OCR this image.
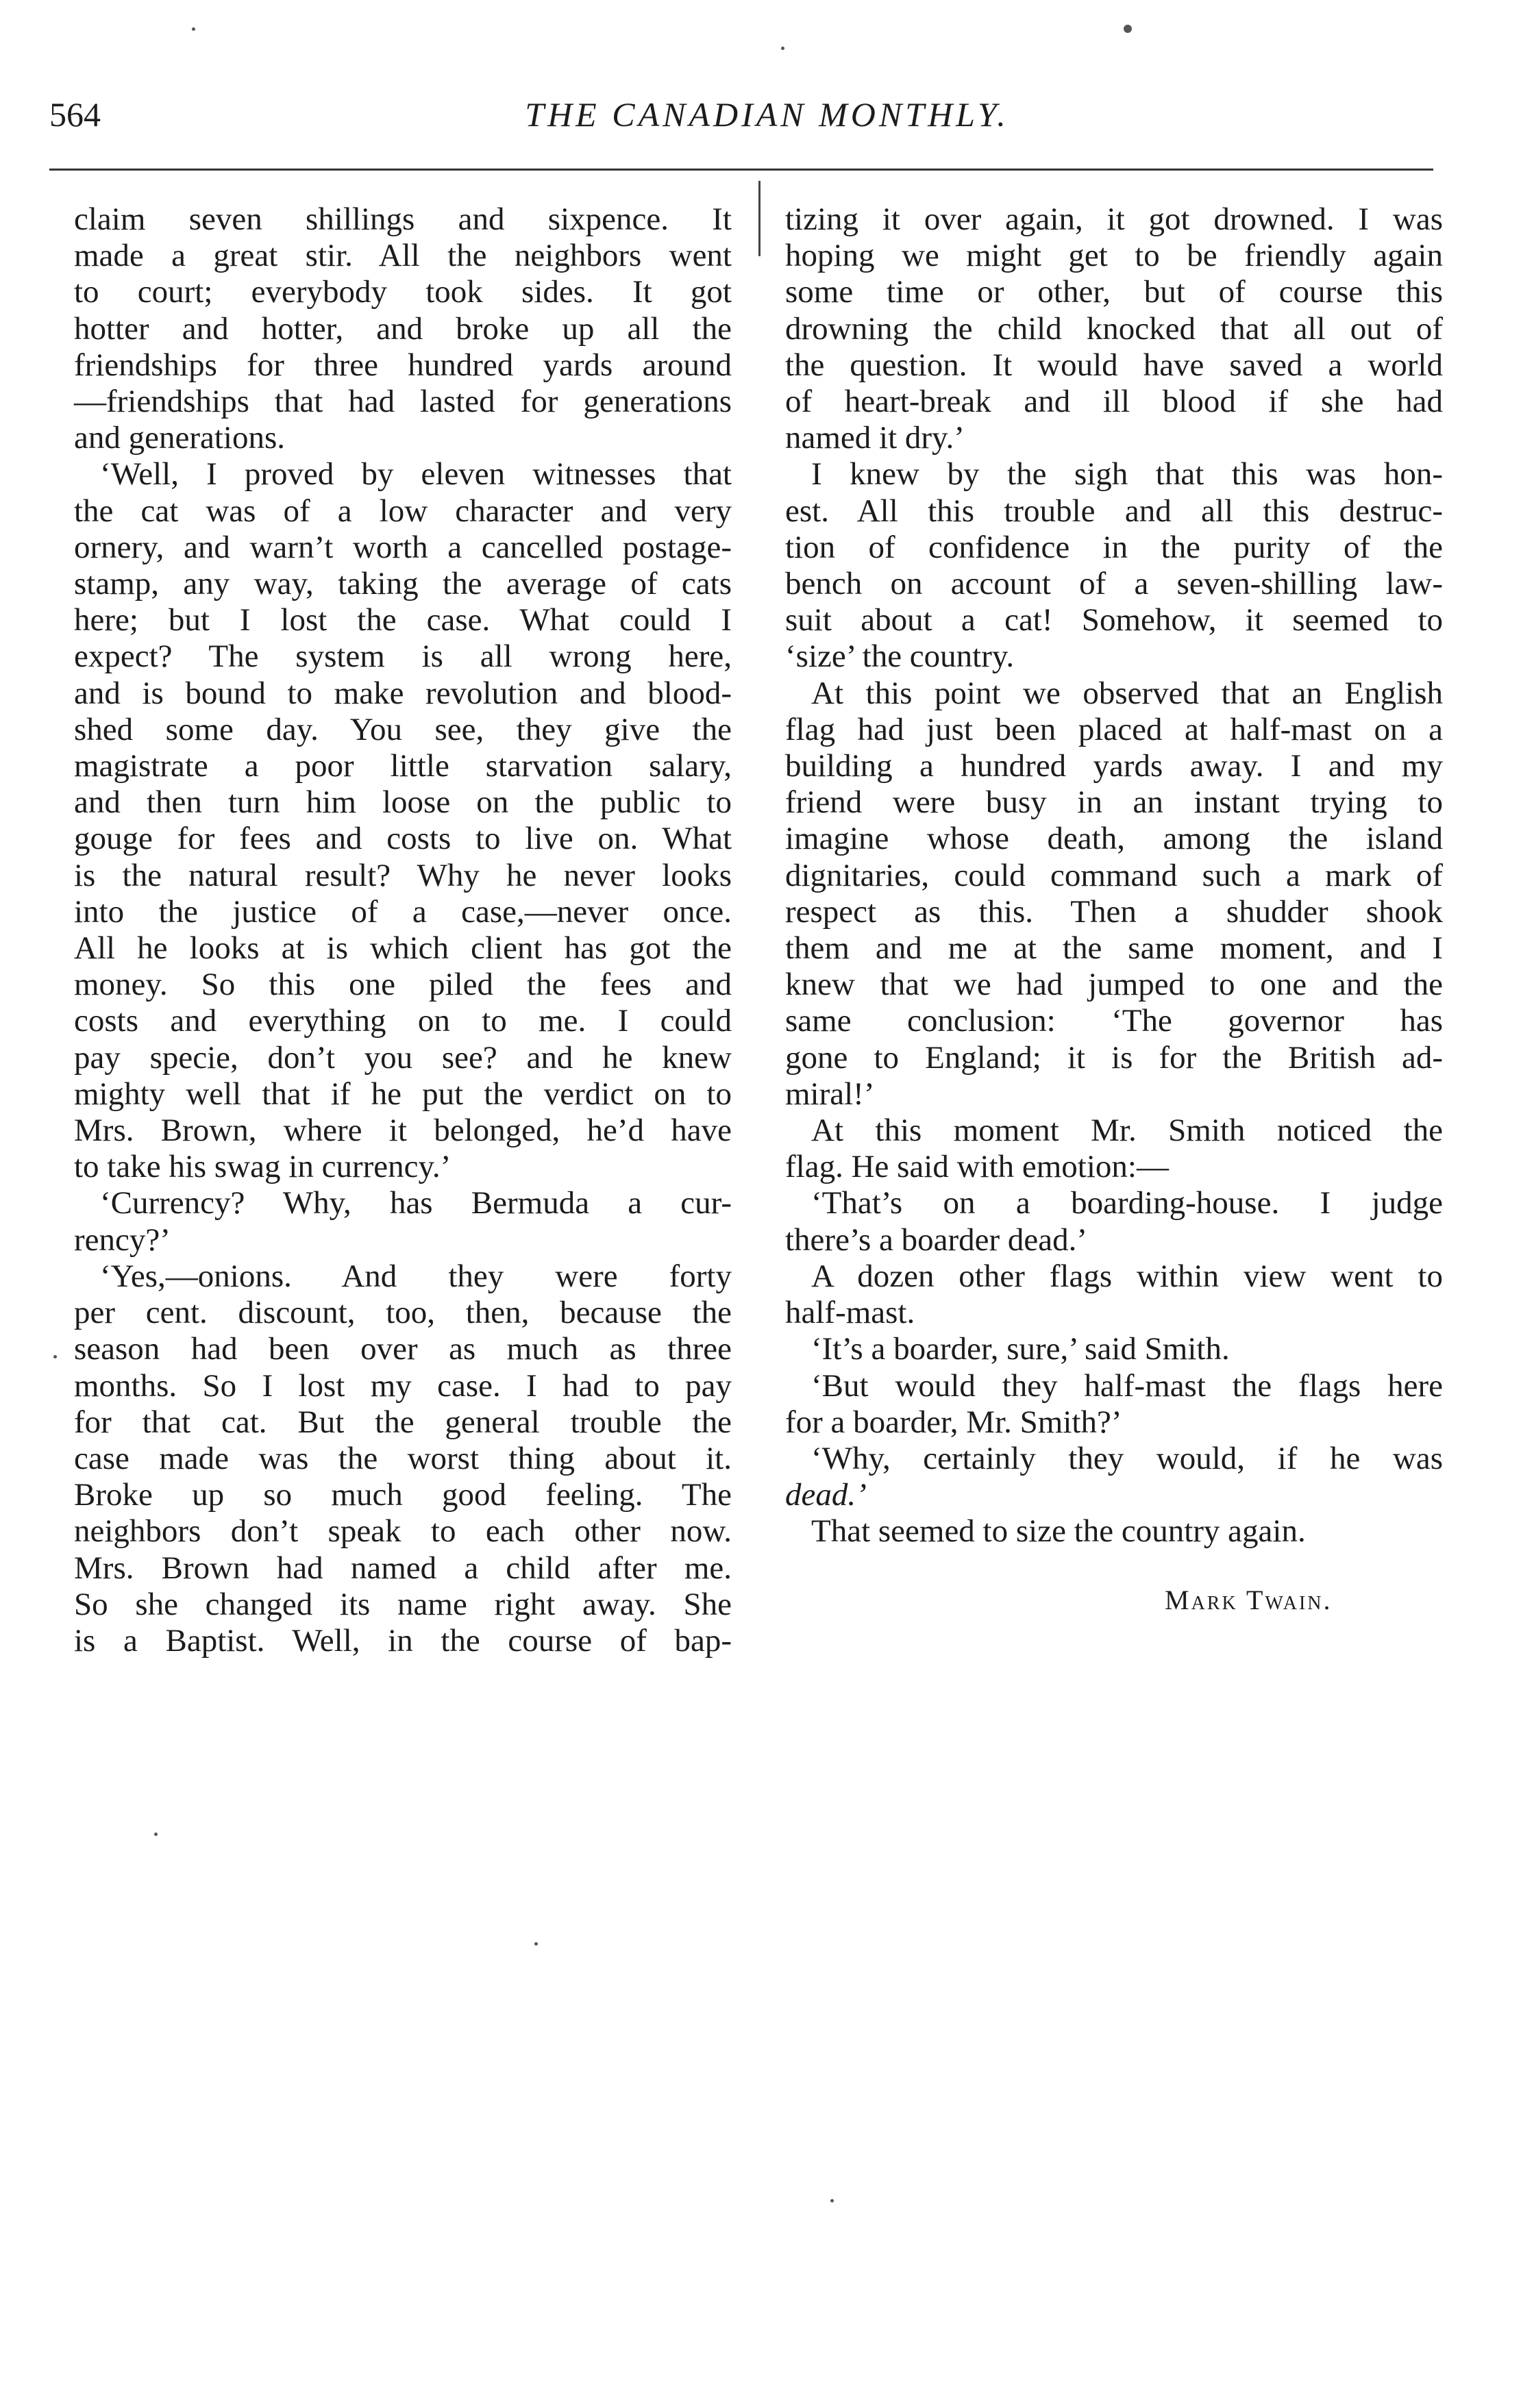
564	THE CANADIAN MONTHLY.
claim seven shillings and sixpence. It
made a great stir. All the neighbors went
to court; everybody took sides. It got
hotter and hotter, and broke up all the
friendships for three hundred yards around
—friendships that had lasted for generations
and generations.
‘Well, I proved by eleven witnesses that
the cat was of a low character and very
ornery, and warn’t worth a cancelled postage-
stamp, any way, taking the average of cats
here; but I lost the case. What could I
expect? The system is all wrong here,
and is bound to make revolution and blood-
shed some day. You see, they give the
magistrate a poor little starvation salary,
and then turn him loose on the public to
gouge for fees and costs to live on. What
is the natural result? Why he never looks
into the justice of a case,—never once.
All he looks at is which client has got the
money. So this one piled the fees and
costs and everything on to me. I could
pay specie, don’t you see? and he knew
mighty well that if he put the verdict on to
Mrs. Brown, where it belonged, he’d have
to take his swag in currency.’
‘Currency? Why, has Bermuda a cur-
rency?’
‘Yes,—onions. And they were forty
per cent. discount, too, then, because the
season had been over as much as three
months. So I lost my case. I had to pay
for that cat. But the general trouble the
case made was the worst thing about it.
Broke up so much good feeling. The
neighbors don’t speak to each other now.
Mrs. Brown had named a child after me.
So she changed its name right away. She
is a Baptist. Well, in the course of bap-
tizing it over again, it got drowned. I was
hoping we might get to be friendly again
some time or other, but of course this
drowning the child knocked that all out of
the question. It would have saved a world
of heart-break and ill blood if she had
named it dry.’
I knew by the sigh that this was hon-
est. All this trouble and all this destruc-
tion of confidence in the purity of the
bench on account of a seven-shilling law-
suit about a cat! Somehow, it seemed to
‘size’ the country.
At this point we observed that an English
flag had just been placed at half-mast on a
building a hundred yards away. I and my
friend were busy in an instant trying to
imagine whose death, among the island
dignitaries, could command such a mark of
respect as this. Then a shudder shook
them and me at the same moment, and I
knew that we had jumped to one and the
same conclusion: ‘The governor has
gone to England; it is for the British ad-
miral!’
At this moment Mr. Smith noticed the
flag. He said with emotion:—
‘That’s on a boarding-house. I judge
there’s a boarder dead.’
A dozen other flags within view went to
half-mast.
‘It’s a boarder, sure,’ said Smith.
‘But would they half-mast the flags here
for a boarder, Mr. Smith?’
‘Why, certainly they would, if he was
dead.’
That seemed to size the country again.
Mark Twain.
